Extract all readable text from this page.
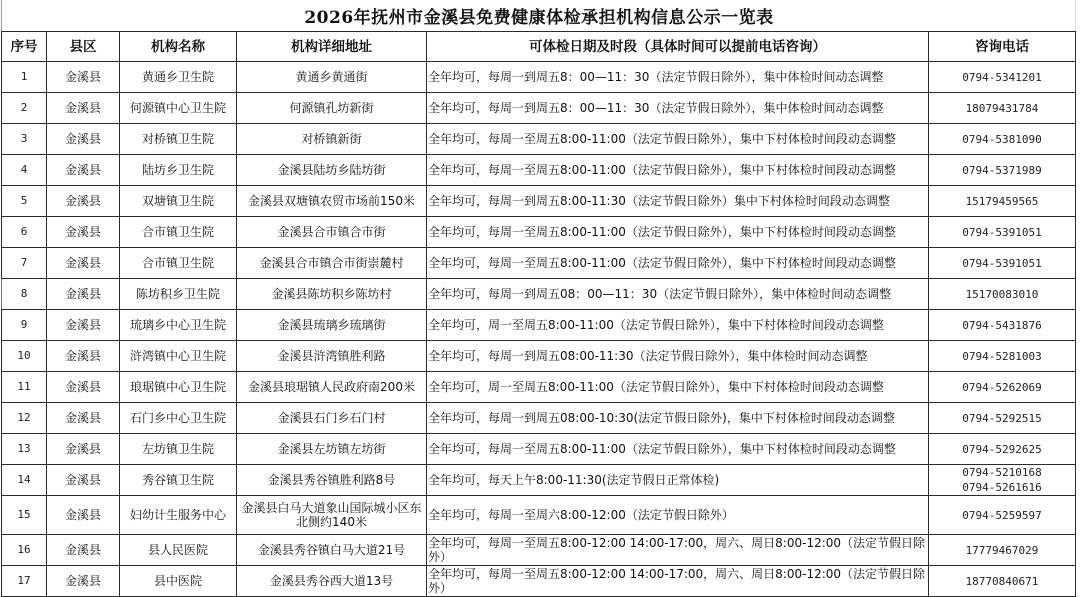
2026年抚州市金溪县免费健康体检承担机构信息公示一览表
序号	县区	机构名称	机构详细地址	可体检日期及时段（具体时间可以提前电话咨询）	咨询电话
1	金溪县	黄通乡卫生院	黄通乡黄通街	全年均可，每周一到周五8：00—11：30（法定节假日除外），集中体检时间动态调整	0794-5341201

2	金溪县	何源镇中心卫生院	何源镇孔坊新街	全年均可，每周一到周五8：00—11：30（法定节假日除外），集中体检时间动态调整	18079431784

3	金溪县	对桥镇卫生院	对桥镇新街	全年均可，每周一至周五8:00-11:00（法定节假日除外），集中下村体检时间段动态调整	0794-5381090

4	金溪县	陆坊乡卫生院	金溪县陆坊乡陆坊街	全年均可，每周一至周五8:00-11:00（法定节假日除外），集中下村体检时间段动态调整	0794-5371989

5	金溪县	双塘镇卫生院	金溪县双塘镇农贸市场前150米	全年均可，每周一到周五8:00-11:30（法定节假日除外）集中下村体检时间段动态调整	15179459565

6	金溪县	合市镇卫生院	金溪县合市镇合市街	全年均可，每周一至周五8:00-11:00（法定节假日除外），集中下村体检时间段动态调整	0794-5391051

7	金溪县	合市镇卫生院	金溪县合市镇合市街崇麓村	全年均可，每周一至周五8:00-11:00（法定节假日除外），集中下村体检时间段动态调整	0794-5391051

8	金溪县	陈坊积乡卫生院	金溪县陈坊积乡陈坊村	全年均可，每周一到周五08：00—11：30（法定节假日除外），集中体检时间动态调整	15170083010

9	金溪县	琉璃乡中心卫生院	金溪县琉璃乡琉璃街	全年均可，周一至周五8:00-11:00（法定节假日除外），集中下村体检时间段动态调整	0794-5431876

10	金溪县	浒湾镇中心卫生院	金溪县浒湾镇胜利路	全年均可，每周一到周五08:00-11:30（法定节假日除外），集中体检时间动态调整	0794-5281003

11	金溪县	琅琚镇中心卫生院	金溪县琅琚镇人民政府南200米	全年均可，周一至周五8:00-11:00（法定节假日除外），集中下村体检时间段动态调整	0794-5262069

12	金溪县	石门乡中心卫生院	金溪县石门乡石门村	全年均可，每周一到周五08:00-10:30(法定节假日除外)，集中下村体检时间段动态调整	0794-5292515

13	金溪县	左坊镇卫生院	金溪县左坊镇左坊街	全年均可，每周一至周五8:00-11:00（法定节假日除外），集中下村体检时间段动态调整	0794-5292625

14	金溪县	秀谷镇卫生院	金溪县秀谷镇胜利路8号	全年均可，每天上午8:00-11:30(法定节假日正常体检)	0794-5210168
0794-5261616

15	金溪县	妇幼计生服务中心	金溪县白马大道象山国际城小区东北侧约140米	全年均可，每周一至周六8:00-12:00（法定节假日除外）	0794-5259597

16	金溪县	县人民医院	金溪县秀谷镇白马大道21号	全年均可，每周一至周五8:00-12:00 14:00-17:00，周六、周日8:00-12:00（法定节假日除外）	17779467029

17	金溪县	县中医院	金溪县秀谷西大道13号	全年均可，每周一至周五8:00-12:00 14:00-17:00，周六、周日8:00-12:00（法定节假日除外）	18770840671
